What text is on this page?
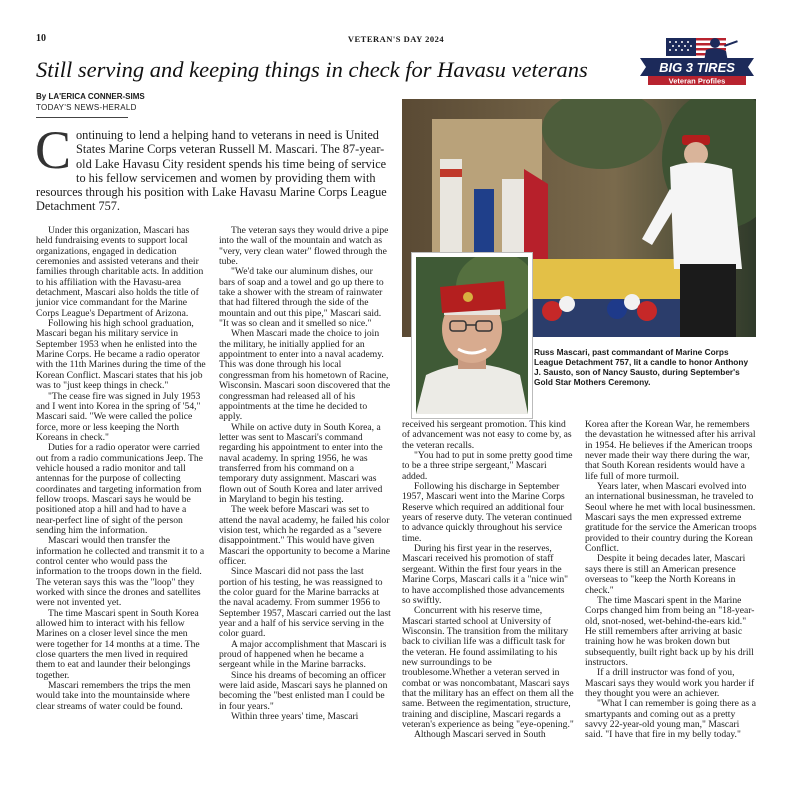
10	VETERAN'S DAY 2024
Still serving and keeping things in check for Havasu veterans	BIG 3 TIRES
Veteran Profiles
By LA'ERICA CONNER-SIMS
TODAY'S NEWS-HERALD

Continuing to lend a helping hand to veterans in need is United States Marine Corps veteran Russell M. Mascari. The 87-year-old Lake Havasu City resident spends his time being of service to his fellow servicemen and women by providing them with resources through his position with Lake Havasu Marine Corps League Detachment 757.

Under this organization, Mascari has held fundraising events to support local organizations, engaged in dedication ceremonies and assisted veterans and their families through charitable acts. In addition to his affiliation with the Havasu-area detachment, Mascari also holds the title of junior vice commandant for the Marine Corps League's Department of Arizona.

Following his high school graduation, Mascari began his military service in September 1953 when he enlisted into the Marine Corps. He became a radio operator with the 11th Marines during the time of the Korean Conflict. Mascari states that his job was to "just keep things in check."

"The cease fire was signed in July 1953 and I went into Korea in the spring of '54," Mascari said. "We were called the police force, more or less keeping the North Koreans in check."

Duties for a radio operator were carried out from a radio communications Jeep. The vehicle housed a radio monitor and tall antennas for the purpose of collecting coordinates and targeting information from fellow troops. Mascari says he would be positioned atop a hill and had to have a near-perfect line of sight of the person sending him the information.

Mascari would then transfer the information he collected and transmit it to a control center who would pass the information to the troops down in the field. The veteran says this was the "loop" they worked with since the drones and satellites were not invented yet.

The time Mascari spent in South Korea allowed him to interact with his fellow Marines on a closer level since the men were together for 14 months at a time. The close quarters the men lived in required them to eat and launder their belongings together.

Mascari remembers the trips the men would take into the mountainside where clear streams of water could be found.

The veteran says they would drive a pipe into the wall of the mountain and watch as "very, very clean water" flowed through the tube.

"We'd take our aluminum dishes, our bars of soap and a towel and go up there to take a shower with the stream of rainwater that had filtered through the side of the mountain and out this pipe," Mascari said. "It was so clean and it smelled so nice."

When Mascari made the choice to join the military, he initially applied for an appointment to enter into a naval academy. This was done through his local congressman from his hometown of Racine, Wisconsin. Mascari soon discovered that the congressman had released all of his appointments at the time he decided to apply.

While on active duty in South Korea, a letter was sent to Mascari's command regarding his appointment to enter into the naval academy. In spring 1956, he was transferred from his command on a temporary duty assignment. Mascari was flown out of South Korea and later arrived in Maryland to begin his testing.

The week before Mascari was set to attend the naval academy, he failed his color vision test, which he regarded as a "severe disappointment." This would have given Mascari the opportunity to become a Marine officer.

Since Mascari did not pass the last portion of his testing, he was reassigned to the color guard for the Marine barracks at the naval academy. From summer 1956 to September 1957, Mascari carried out the last year and a half of his service serving in the color guard.

A major accomplishment that Mascari is proud of happened when he became a sergeant while in the Marine barracks.

Since his dreams of becoming an officer were laid aside, Mascari says he planned on becoming the "best enlisted man I could be in four years."

Within three years' time, Mascari

received his sergeant promotion. This kind of advancement was not easy to come by, as the veteran recalls.

"You had to put in some pretty good time to be a three stripe sergeant," Mascari added.

Following his discharge in September 1957, Mascari went into the Marine Corps Reserve which required an additional four years of reserve duty. The veteran continued to advance quickly throughout his service time.

During his first year in the reserves, Mascari received his promotion of staff sergeant. Within the first four years in the Marine Corps, Mascari calls it a "nice win" to have accomplished those advancements so swiftly.

Concurrent with his reserve time, Mascari started school at University of Wisconsin. The transition from the military back to civilian life was a difficult task for the veteran. He found assimilating to his new surroundings to be troublesome.Whether a veteran served in combat or was noncombatant, Mascari says that the military has an effect on them all the same. Between the regimentation, structure, training and discipline, Mascari regards a veteran's experience as being "eye-opening."

Although Mascari served in South

Korea after the Korean War, he remembers the devastation he witnessed after his arrival in 1954. He believes if the American troops never made their way there during the war, that South Korean residents would have a life full of more turmoil.

Years later, when Mascari evolved into an international businessman, he traveled to Seoul where he met with local businessmen. Mascari says the men expressed extreme gratitude for the service the American troops provided to their country during the Korean Conflict.

Despite it being decades later, Mascari says there is still an American presence overseas to "keep the North Koreans in check."

The time Mascari spent in the Marine Corps changed him from being an "18-year-old, snot-nosed, wet-behind-the-ears kid." He still remembers after arriving at basic training how he was broken down but subsequently, built right back up by his drill instructors.

If a drill instructor was fond of you, Mascari says they would work you harder if they thought you were an achiever.

"What I can remember is going there as a smartypants and coming out as a pretty savvy 22-year-old young man," Mascari said. "I have that fire in my belly today."

Russ Mascari, past commandant of Marine Corps League Detachment 757, lit a candle to honor Anthony J. Sausto, son of Nancy Sausto, during September's Gold Star Mothers Ceremony.
